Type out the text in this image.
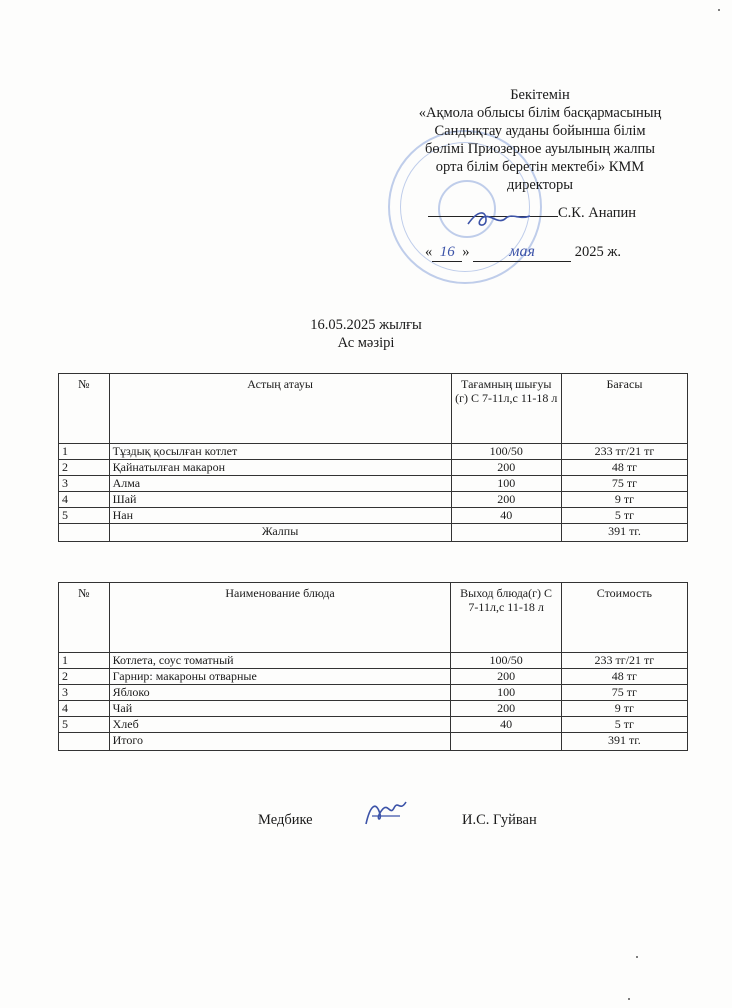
Бекітемін
«Ақмола облысы білім басқармасының
Сандықтау ауданы бойынша білім
бөлімі Приозерное ауылының жалпы
орта білім беретін мектебі» КММ
директоры
С.К. Анапин
« 16 » мая	2025 ж.
16.05.2025 жылғы
Ас мәзірі
№	Астың атауы	Тағамның шығуы (г) С 7-11л,с 11-18 л	Бағасы
1	Тұздық қосылған котлет	100/50	233 тг/21 тг
2	Қайнатылған макарон	200	48 тг
3	Алма	100	75 тг
4	Шай	200	9 тг
5	Нан	40	5 тг
	Жалпы		391 тг.
№	Наименование блюда	Выход блюда(г) С 7-11л,с 11-18 л	Стоимость
1	Котлета, соус томатный	100/50	233 тг/21 тг
2	Гарнир: макароны отварные	200	48 тг
3	Яблоко	100	75 тг
4	Чай	200	9 тг
5	Хлеб	40	5 тг
	Итого		391 тг.
Медбике	И.С. Гуйван
